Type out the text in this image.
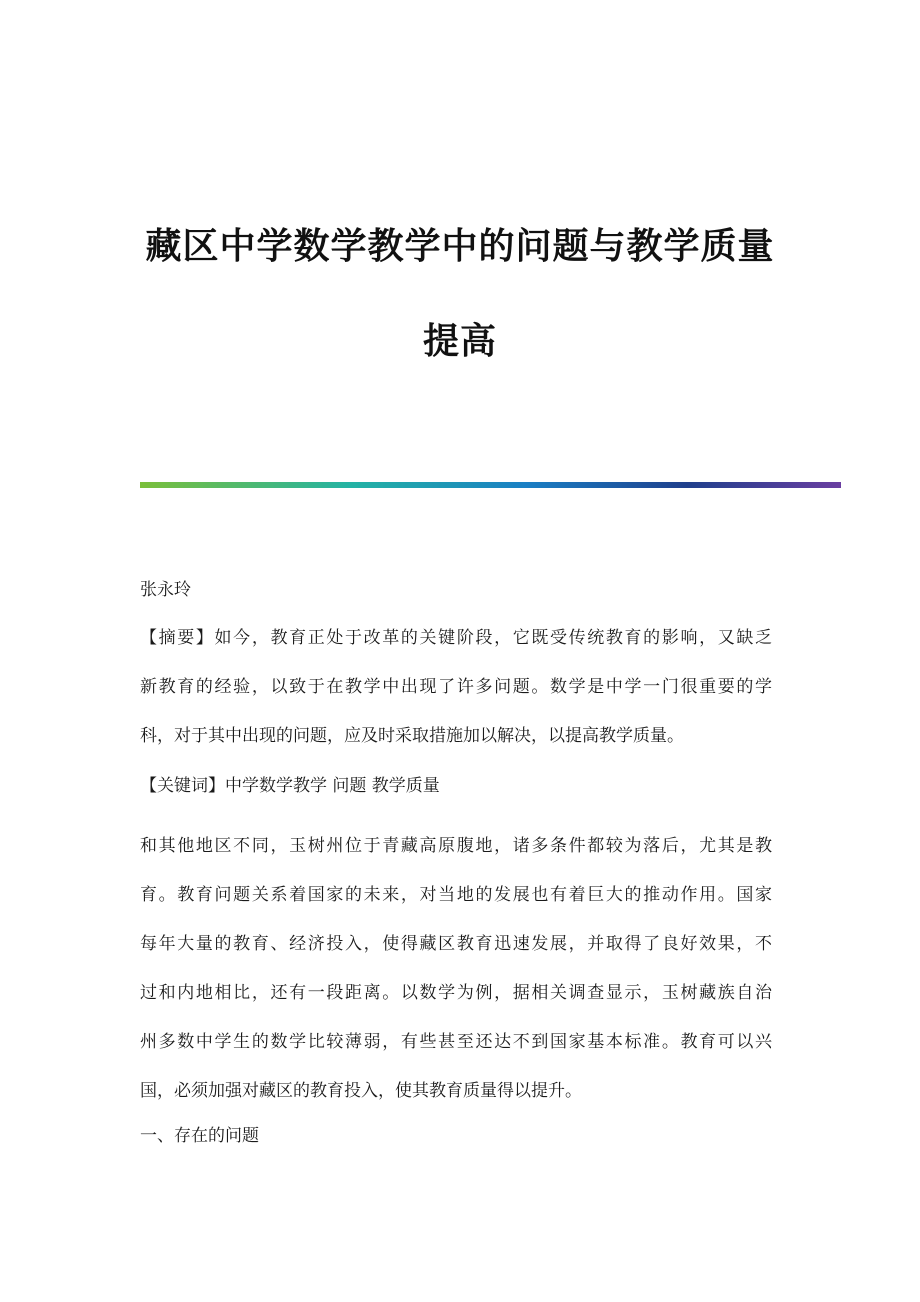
藏区中学数学教学中的问题与教学质量
提高
张永玲
【摘要】如今，教育正处于改革的关键阶段，它既受传统教育的影响，又缺乏
新教育的经验，以致于在教学中出现了许多问题。数学是中学一门很重要的学
科，对于其中出现的问题，应及时采取措施加以解决，以提高教学质量。
【关键词】中学数学教学 问题 教学质量
和其他地区不同，玉树州位于青藏高原腹地，诸多条件都较为落后，尤其是教
育。教育问题关系着国家的未来，对当地的发展也有着巨大的推动作用。国家
每年大量的教育、经济投入，使得藏区教育迅速发展，并取得了良好效果，不
过和内地相比，还有一段距离。以数学为例，据相关调查显示，玉树藏族自治
州多数中学生的数学比较薄弱，有些甚至还达不到国家基本标准。教育可以兴
国，必须加强对藏区的教育投入，使其教育质量得以提升。
一、存在的问题
